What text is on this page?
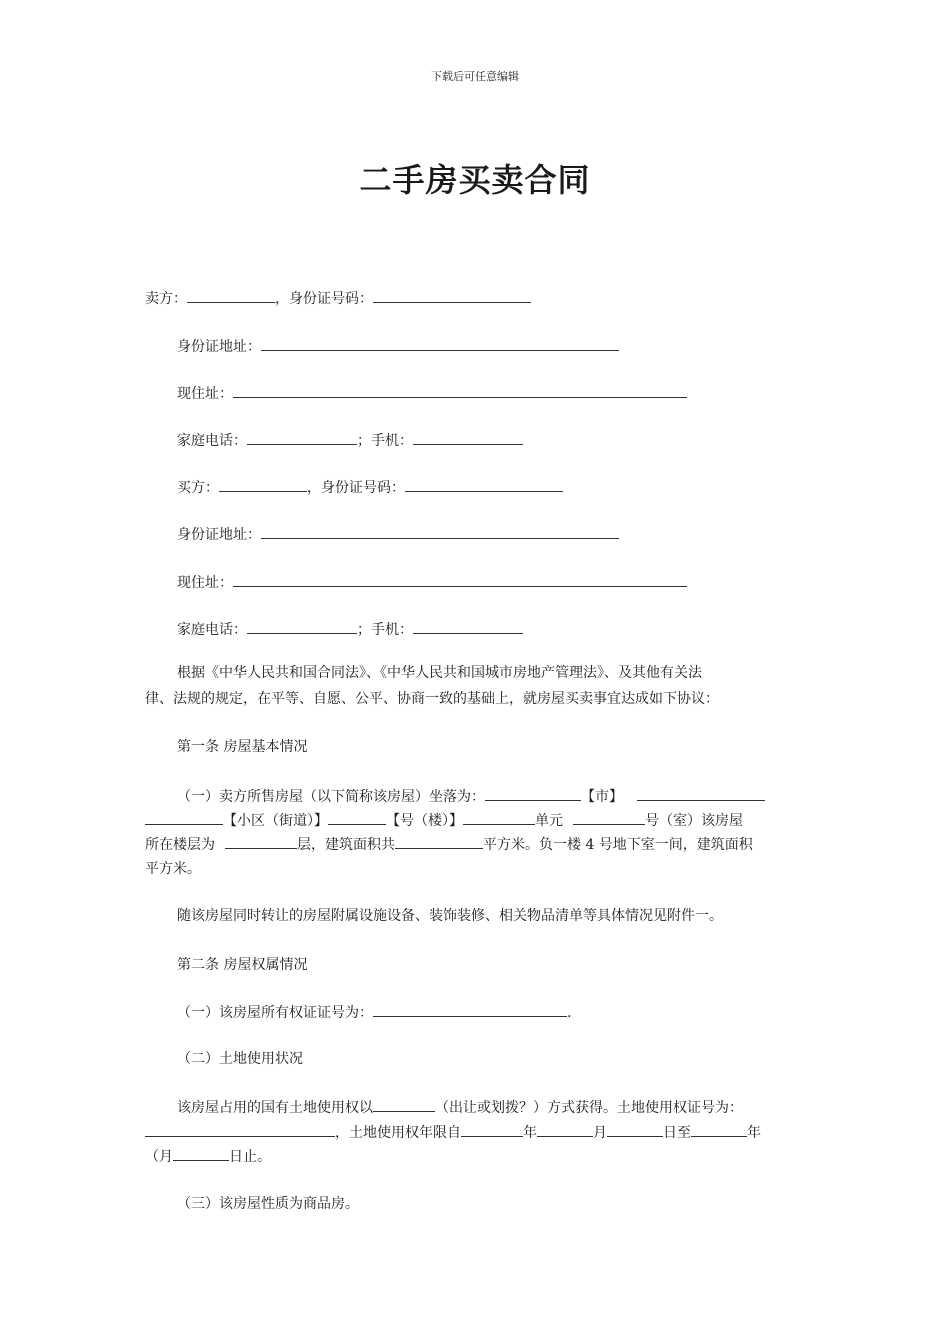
下载后可任意编辑
二手房买卖合同
卖方：	，身份证号码：
身份证地址：
现住址：
家庭电话：	；手机：
买方：	，身份证号码：
身份证地址：
现住址：
家庭电话：	；手机：
根据《中华人民共和国合同法》、《中华人民共和国城市房地产管理法》、及其他有关法
律、法规的规定，在平等、自愿、公平、协商一致的基础上，就房屋买卖事宜达成如下协议：
第一条 房屋基本情况
（一）卖方所售房屋（以下简称该房屋）坐落为：	【市】
【小区（街道）】	【号（楼）】	单元	号（室）该房屋
所在楼层为	层，建筑面积共	平方米。负一楼 4 号地下室一间，建筑面积
平方米。
随该房屋同时转让的房屋附属设施设备、装饰装修、相关物品清单等具体情况见附件一。
第二条 房屋权属情况
（一）该房屋所有权证证号为：	.
（二）土地使用状况
该房屋占用的国有土地使用权以	（出让或划拨？）方式获得。土地使用权证号为：
，土地使用权年限自	年	月	日至	年
（月	日止。
（三）该房屋性质为商品房。
